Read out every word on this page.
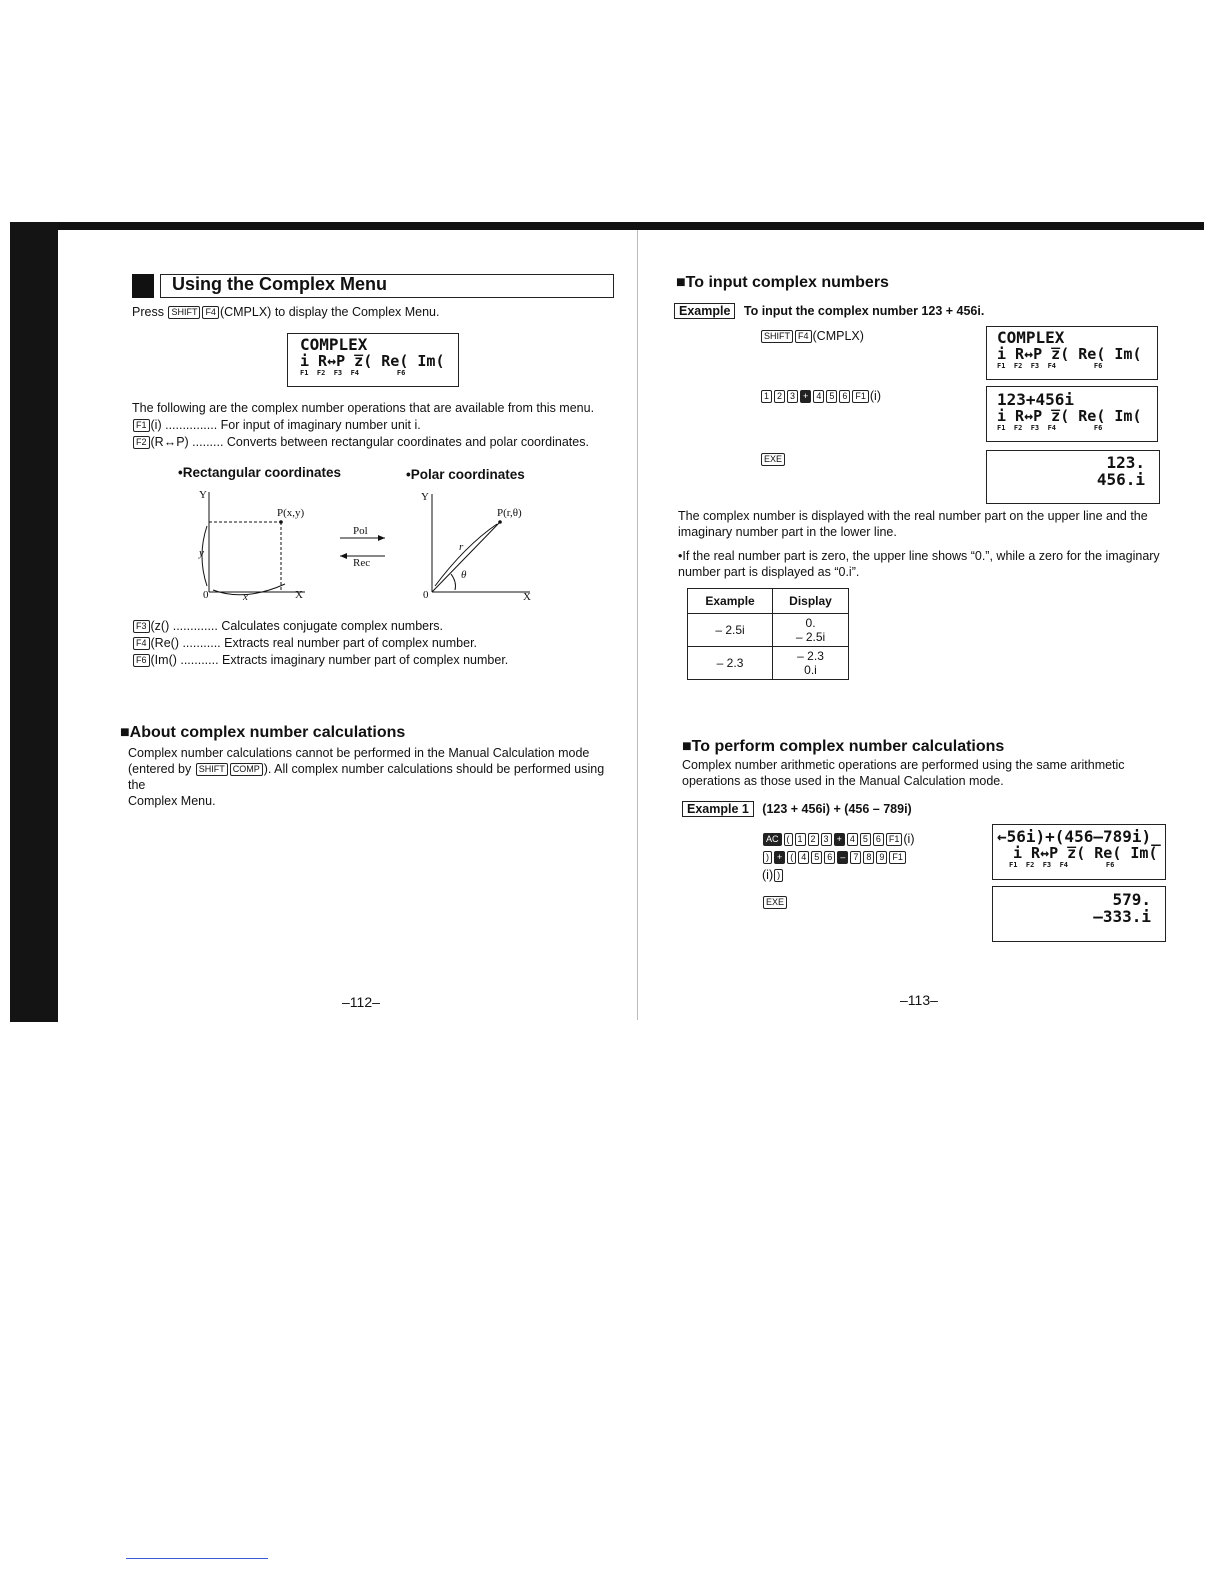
Using the Complex Menu
Press SHIFT F4 (CMPLX) to display the Complex Menu.
COMPLEX
i R↔P z̅( Re( Im(
F1  F2  F3  F4         F6
The following are the complex number operations that are available from this menu.
F1 (i) ............... For input of imaginary number unit i.
F2 (R↔P) ......... Converts between rectangular coordinates and polar coordinates.
•Rectangular coordinates	•Polar coordinates
Y
0	X
P(x,y)
y
x
Pol
Rec
Y
0	X
P(r,θ)
r
θ
F3 (z() ............. Calculates conjugate complex numbers.
F4 (Re() ........... Extracts real number part of complex number.
F6 (Im() ........... Extracts imaginary number part of complex number.
■About complex number calculations
Complex number calculations cannot be performed in the Manual Calculation mode
(entered by SHIFT COMP ). All complex number calculations should be performed using the
Complex Menu.
–112–
■To input complex numbers
Example To input the complex number 123 + 456i.
SHIFT F4 (CMPLX)	COMPLEX
i R↔P z̅( Re( Im(
F1  F2  F3  F4         F6
1 2 3 + 4 5 6 F1 (i)	123+456i
i R↔P z̅( Re( Im(
F1  F2  F3  F4         F6
EXE	123.
456.i
The complex number is displayed with the real number part on the upper line and the imaginary number part in the lower line.
•If the real number part is zero, the upper line shows “0.”, while a zero for the imaginary number part is displayed as “0.i”.
Example	Display
– 2.5i	0.
– 2.5i

– 2.3	– 2.3
0.i
■To perform complex number calculations
Complex number arithmetic operations are performed using the same arithmetic operations as those used in the Manual Calculation mode.
Example 1 (123 + 456i) + (456 – 789i)
AC ( 1 2 3 + 4 5 6 F1 (i)
) + ( 4 5 6 – 7 8 9 F1
(i) )
←56i)+(456–789i)_
i R↔P z̅( Re( Im(
F1  F2  F3  F4         F6
EXE	579.
–333.i
–113–
